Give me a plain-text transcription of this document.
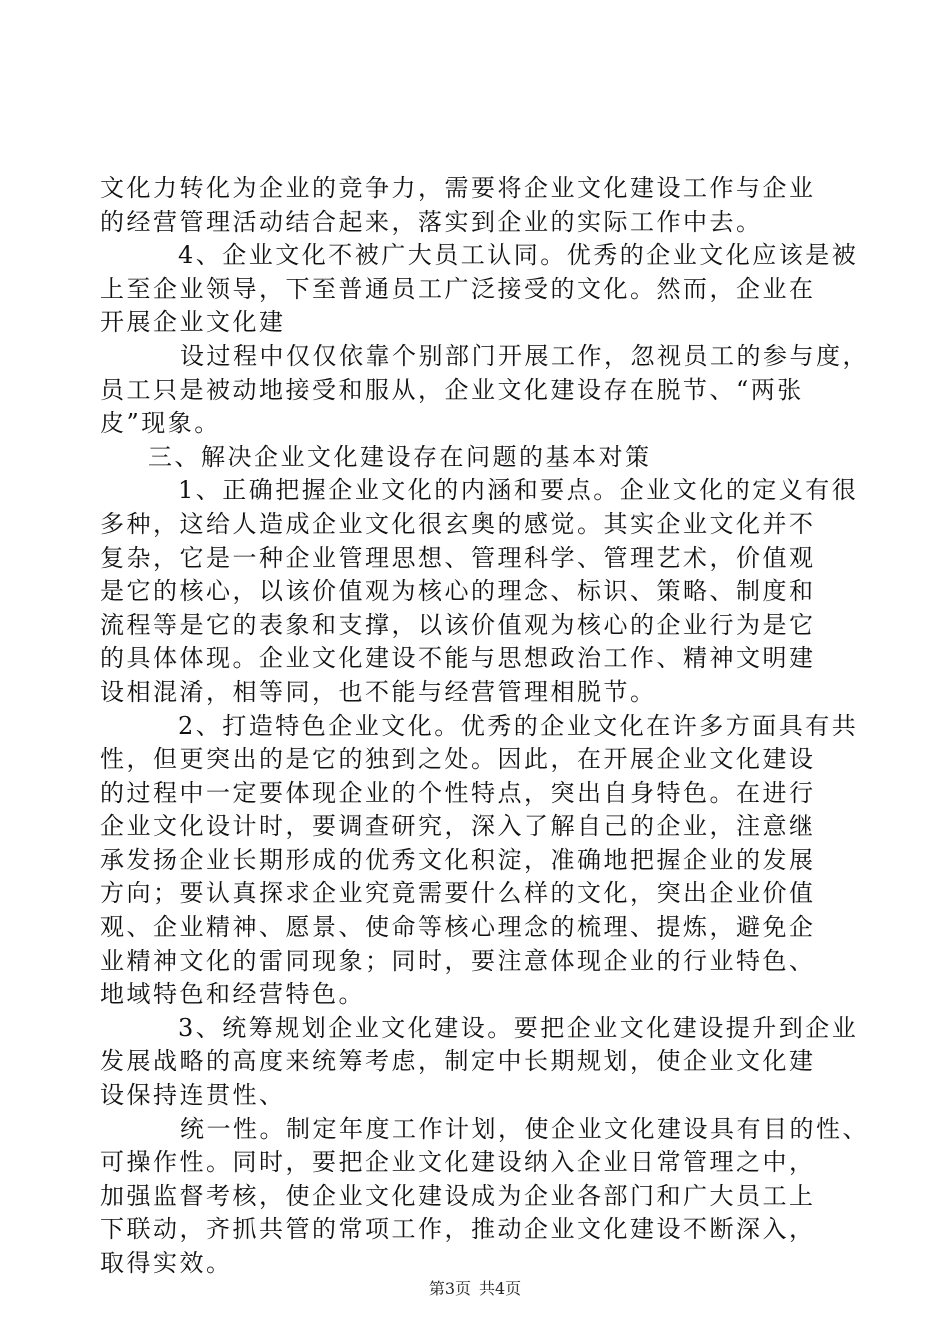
文化力转化为企业的竞争力，需要将企业文化建设工作与企业
的经营管理活动结合起来，落实到企业的实际工作中去。
4、企业文化不被广大员工认同。优秀的企业文化应该是被
上至企业领导，下至普通员工广泛接受的文化。然而，企业在
开展企业文化建
设过程中仅仅依靠个别部门开展工作，忽视员工的参与度，
员工只是被动地接受和服从，企业文化建设存在脱节、“两张
皮”现象。
三、解决企业文化建设存在问题的基本对策
1、正确把握企业文化的内涵和要点。企业文化的定义有很
多种，这给人造成企业文化很玄奥的感觉。其实企业文化并不
复杂，它是一种企业管理思想、管理科学、管理艺术，价值观
是它的核心，以该价值观为核心的理念、标识、策略、制度和
流程等是它的表象和支撑，以该价值观为核心的企业行为是它
的具体体现。企业文化建设不能与思想政治工作、精神文明建
设相混淆，相等同，也不能与经营管理相脱节。
2、打造特色企业文化。优秀的企业文化在许多方面具有共
性，但更突出的是它的独到之处。因此，在开展企业文化建设
的过程中一定要体现企业的个性特点，突出自身特色。在进行
企业文化设计时，要调查研究，深入了解自己的企业，注意继
承发扬企业长期形成的优秀文化积淀，准确地把握企业的发展
方向；要认真探求企业究竟需要什么样的文化，突出企业价值
观、企业精神、愿景、使命等核心理念的梳理、提炼，避免企
业精神文化的雷同现象；同时，要注意体现企业的行业特色、
地域特色和经营特色。
3、统筹规划企业文化建设。要把企业文化建设提升到企业
发展战略的高度来统筹考虑，制定中长期规划，使企业文化建
设保持连贯性、
统一性。制定年度工作计划，使企业文化建设具有目的性、
可操作性。同时，要把企业文化建设纳入企业日常管理之中，
加强监督考核，使企业文化建设成为企业各部门和广大员工上
下联动，齐抓共管的常项工作，推动企业文化建设不断深入，
取得实效。
第3页 共4页
